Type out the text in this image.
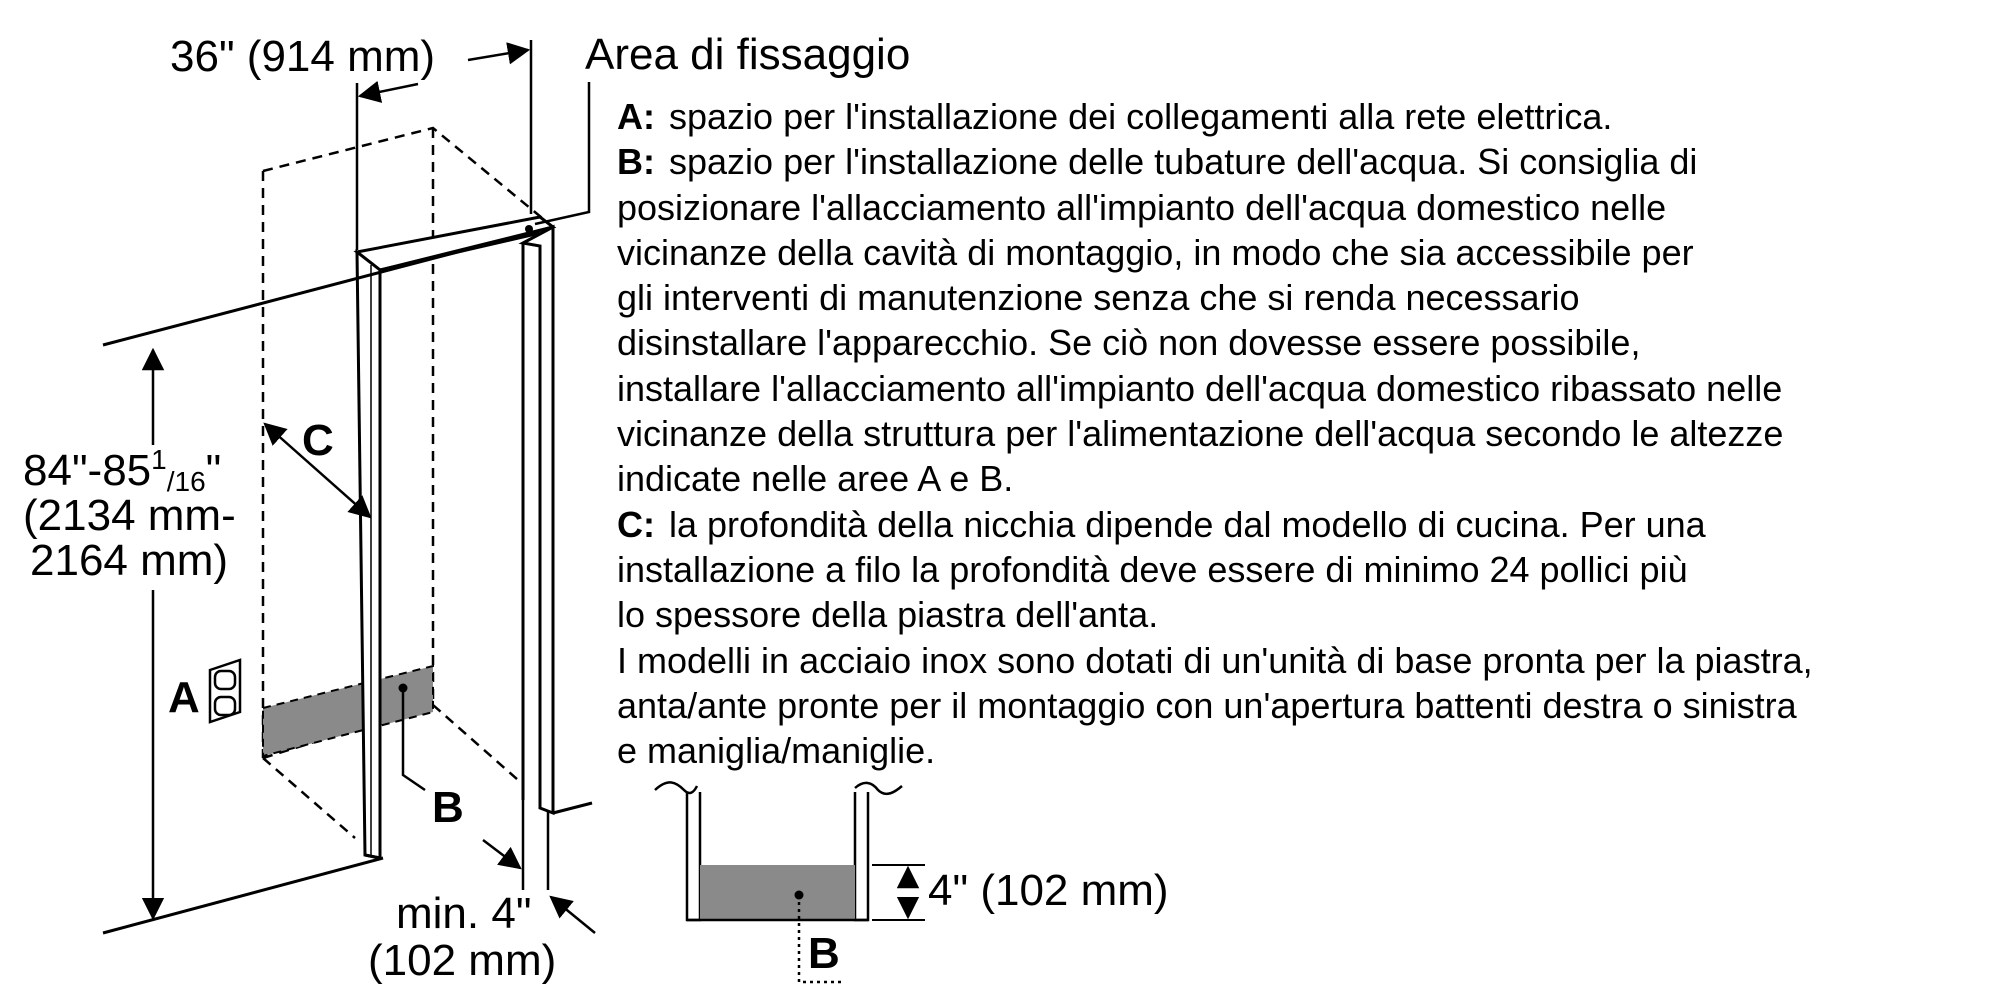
36" (914 mm)
$84"-85^1_{/16}$"
(2134 mm-
2164 mm)
C
A
B
min. 4"
(102 mm)
4" (102 mm)
B
Area di fissaggio
A: spazio per l'installazione dei collegamenti alla rete elettrica.
B: spazio per l'installazione delle tubature dell'acqua. Si consiglia di
posizionare l'allacciamento all'impianto dell'acqua domestico nelle
vicinanze della cavità di montaggio, in modo che sia accessibile per
gli interventi di manutenzione senza che si renda necessario
disinstallare l'apparecchio. Se ciò non dovesse essere possibile,
installare l'allacciamento all'impianto dell'acqua domestico ribassato nelle
vicinanze della struttura per l'alimentazione dell'acqua secondo le altezze
indicate nelle aree A e B.
C: la profondità della nicchia dipende dal modello di cucina. Per una
installazione a filo la profondità deve essere di minimo 24 pollici più
lo spessore della piastra dell'anta.
I modelli in acciaio inox sono dotati di un'unità di base pronta per la piastra,
anta/ante pronte per il montaggio con un'apertura battenti destra o sinistra
e maniglia/maniglie.
